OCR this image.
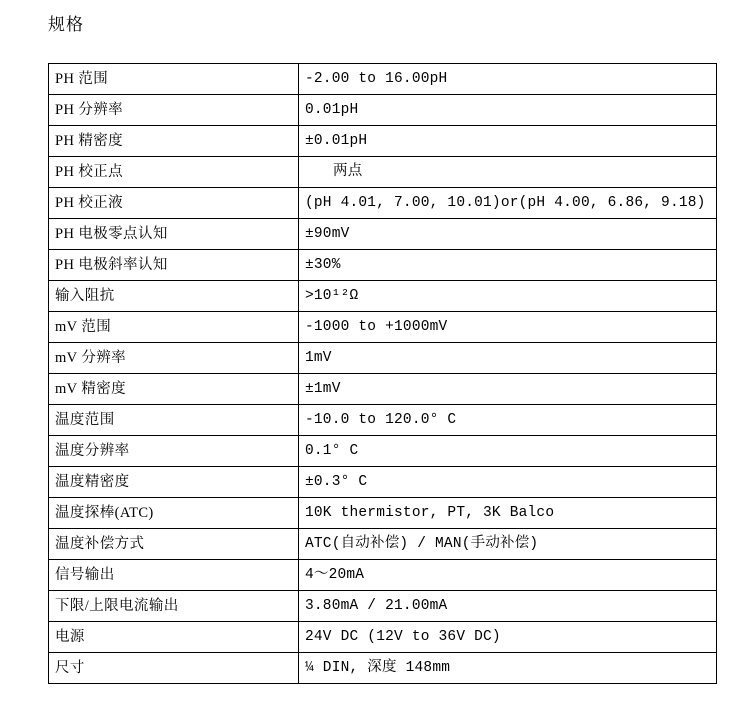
规格
PH 范围	-2.00 to 16.00pH
PH 分辨率	0.01pH
PH 精密度	±0.01pH
PH 校正点	两点
PH 校正液	(pH 4.01, 7.00, 10.01)or(pH 4.00, 6.86, 9.18)
PH 电极零点认知	±90mV
PH 电极斜率认知	±30%
输入阻抗	>10¹²Ω
mV 范围	-1000 to +1000mV
mV 分辨率	1mV
mV 精密度	±1mV
温度范围	-10.0 to 120.0° C
温度分辨率	0.1° C
温度精密度	±0.3° C
温度探棒(ATC)	10K thermistor, PT, 3K Balco
温度补偿方式	ATC(自动补偿) / MAN(手动补偿)
信号输出	4～20mA
下限/上限电流输出	3.80mA / 21.00mA
电源	24V DC (12V to 36V DC)
尺寸	¼ DIN, 深度 148mm
